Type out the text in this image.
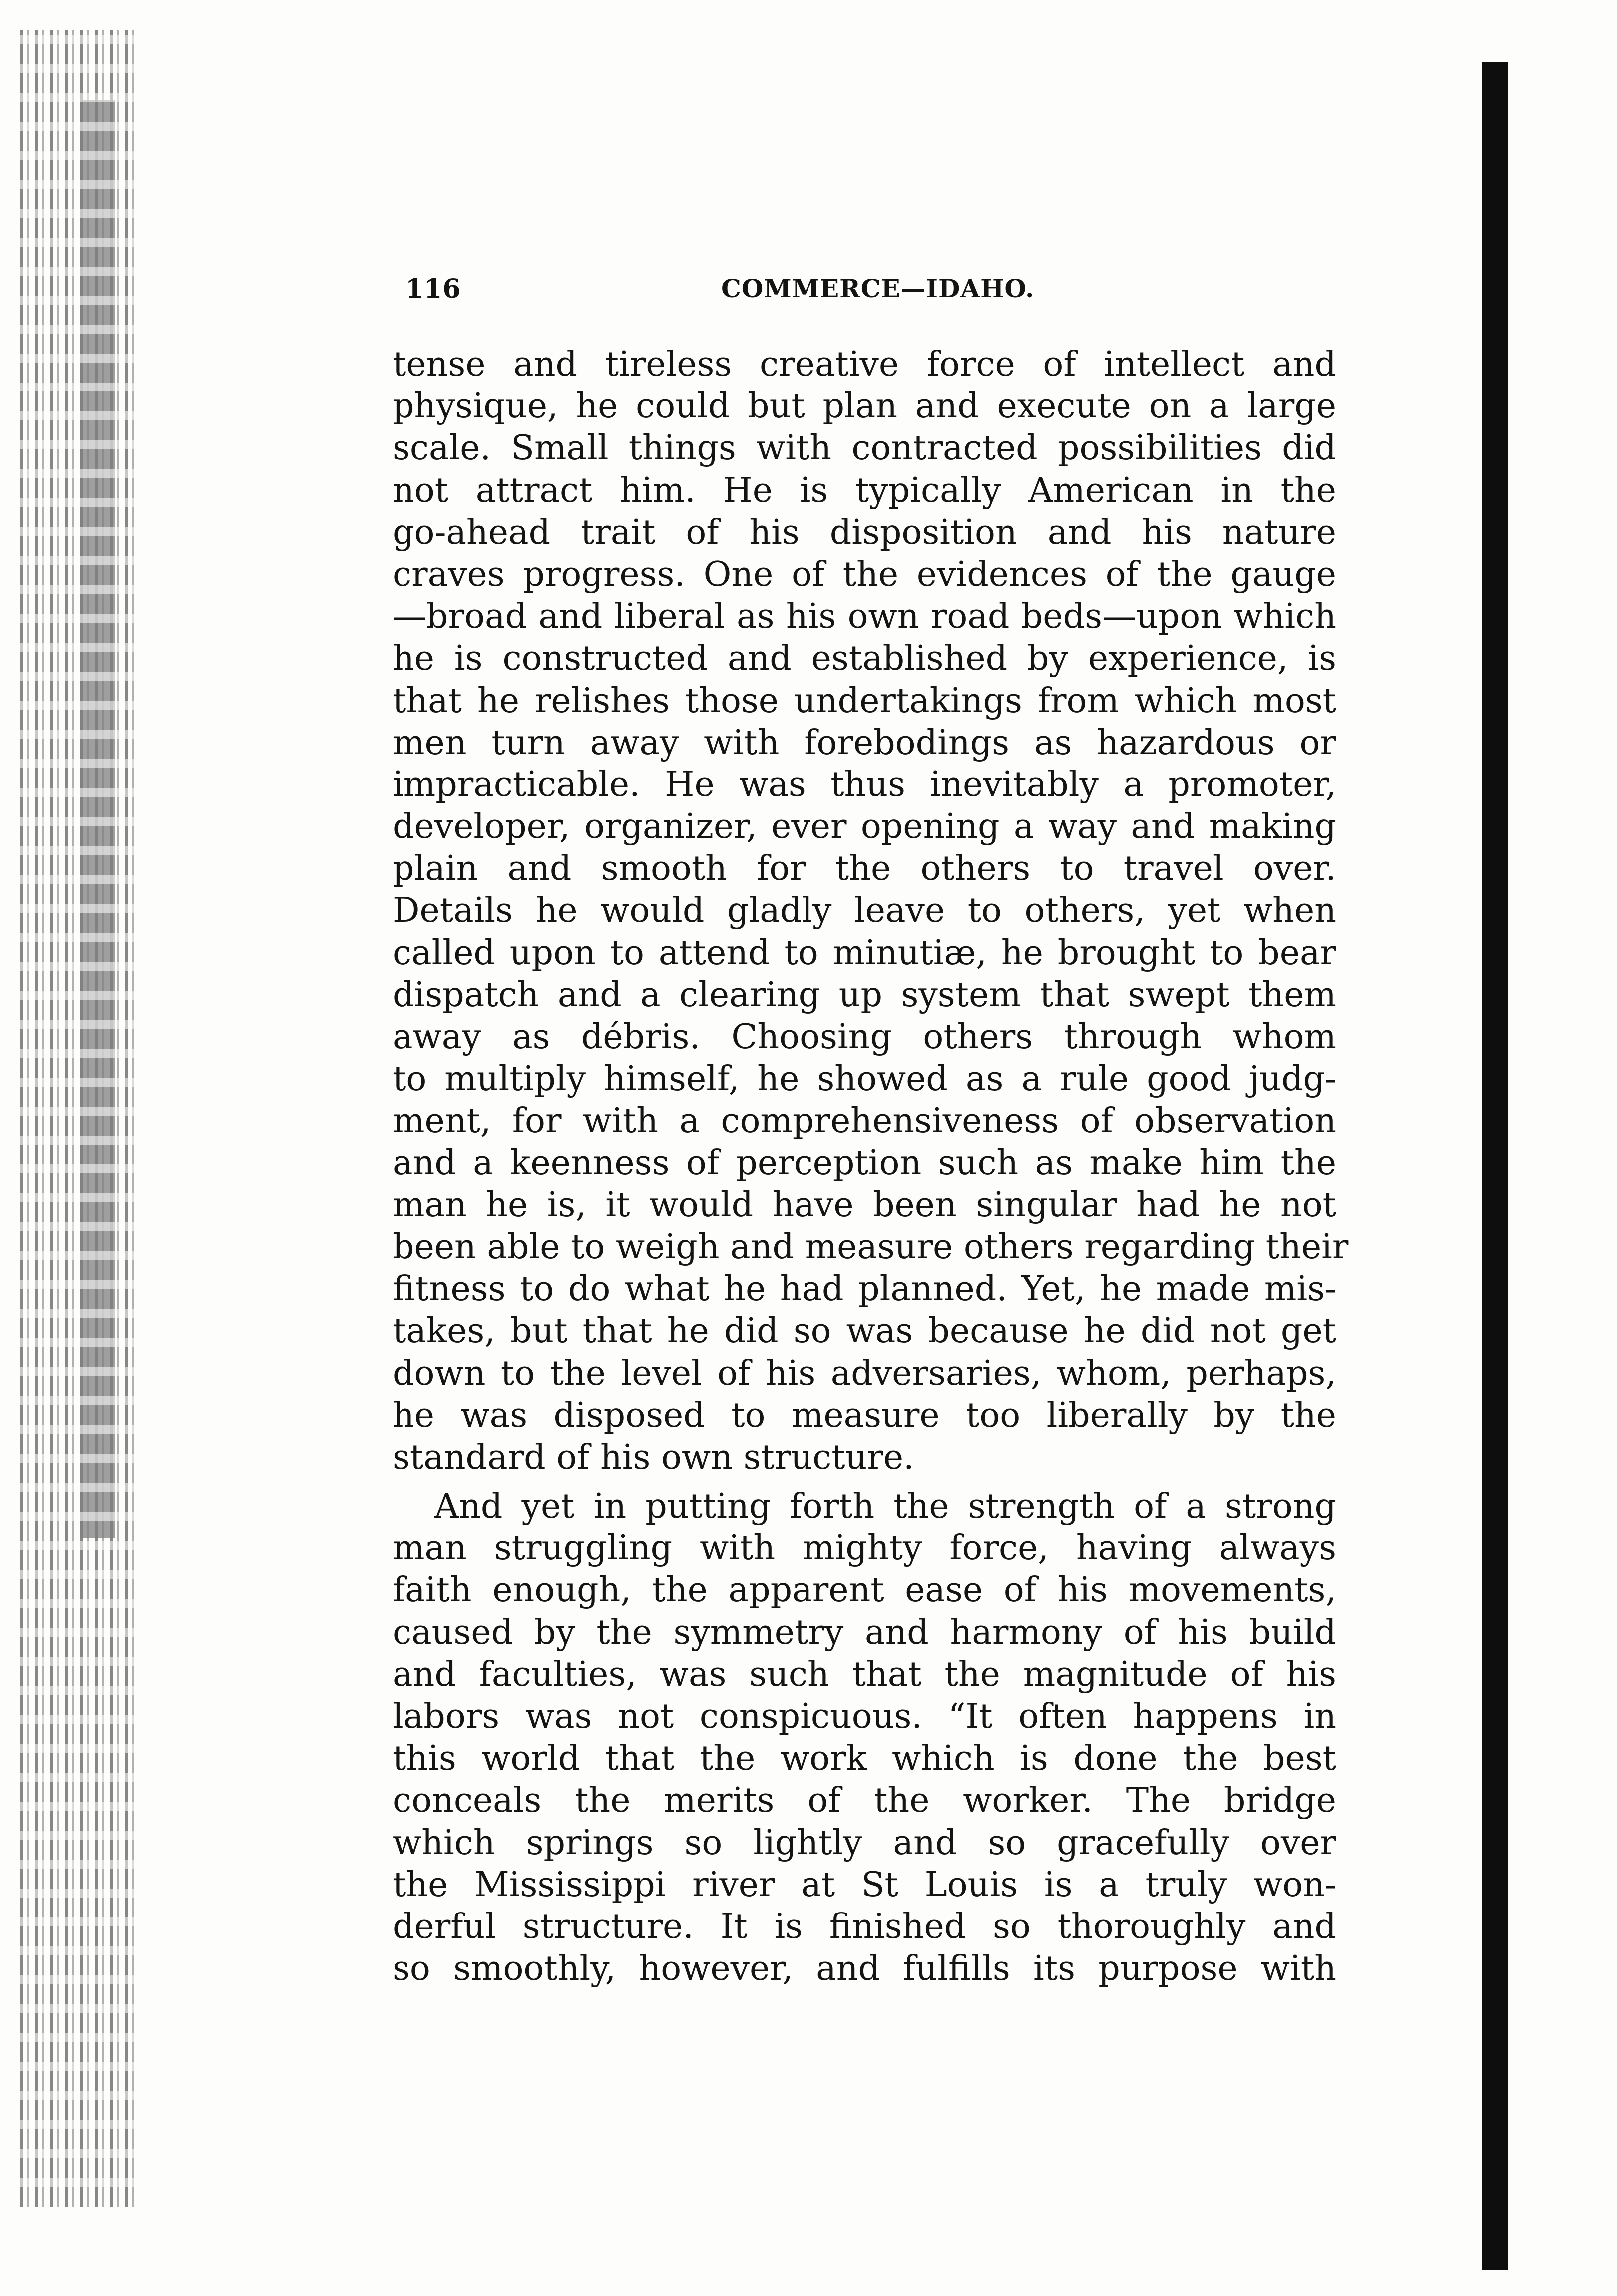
116	COMMERCE—IDAHO.
tense and tireless creative force of intellect and
physique, he could but plan and execute on a large
scale. Small things with contracted possibilities did
not attract him. He is typically American in the
go-ahead trait of his disposition and his nature
craves progress. One of the evidences of the gauge
—broad and liberal as his own road beds—upon which
he is constructed and established by experience, is
that he relishes those undertakings from which most
men turn away with forebodings as hazardous or
impracticable. He was thus inevitably a promoter,
developer, organizer, ever opening a way and making
plain and smooth for the others to travel over.
Details he would gladly leave to others, yet when
called upon to attend to minutiæ, he brought to bear
dispatch and a clearing up system that swept them
away as débris. Choosing others through whom
to multiply himself, he showed as a rule good judg-
ment, for with a comprehensiveness of observation
and a keenness of perception such as make him the
man he is, it would have been singular had he not
been able to weigh and measure others regarding their
fitness to do what he had planned. Yet, he made mis-
takes, but that he did so was because he did not get
down to the level of his adversaries, whom, perhaps,
he was disposed to measure too liberally by the
standard of his own structure.
And yet in putting forth the strength of a strong
man struggling with mighty force, having always
faith enough, the apparent ease of his movements,
caused by the symmetry and harmony of his build
and faculties, was such that the magnitude of his
labors was not conspicuous. “It often happens in
this world that the work which is done the best
conceals the merits of the worker. The bridge
which springs so lightly and so gracefully over
the Mississippi river at St Louis is a truly won-
derful structure. It is finished so thoroughly and
so smoothly, however, and fulfills its purpose with
